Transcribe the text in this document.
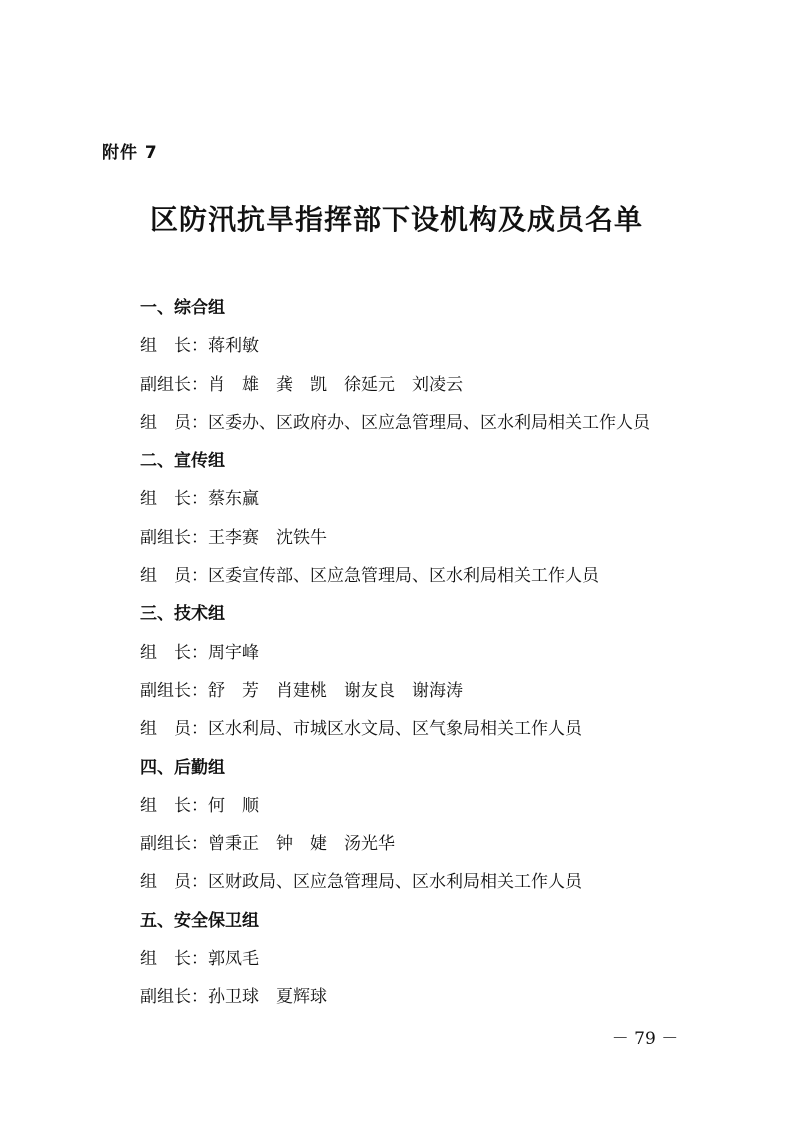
附件 7
区防汛抗旱指挥部下设机构及成员名单
一、综合组
组　长：蒋利敏
副组长：肖　雄　龚　凯　徐延元　刘凌云
组　员：区委办、区政府办、区应急管理局、区水利局相关工作人员
二、宣传组
组　长：蔡东赢
副组长：王李赛　沈铁牛
组　员：区委宣传部、区应急管理局、区水利局相关工作人员
三、技术组
组　长：周宇峰
副组长：舒　芳　肖建桃　谢友良　谢海涛
组　员：区水利局、市城区水文局、区气象局相关工作人员
四、后勤组
组　长：何　顺
副组长：曾秉正　钟　婕　汤光华
组　员：区财政局、区应急管理局、区水利局相关工作人员
五、安全保卫组
组　长：郭凤毛
副组长：孙卫球　夏辉球
－ 79 －
